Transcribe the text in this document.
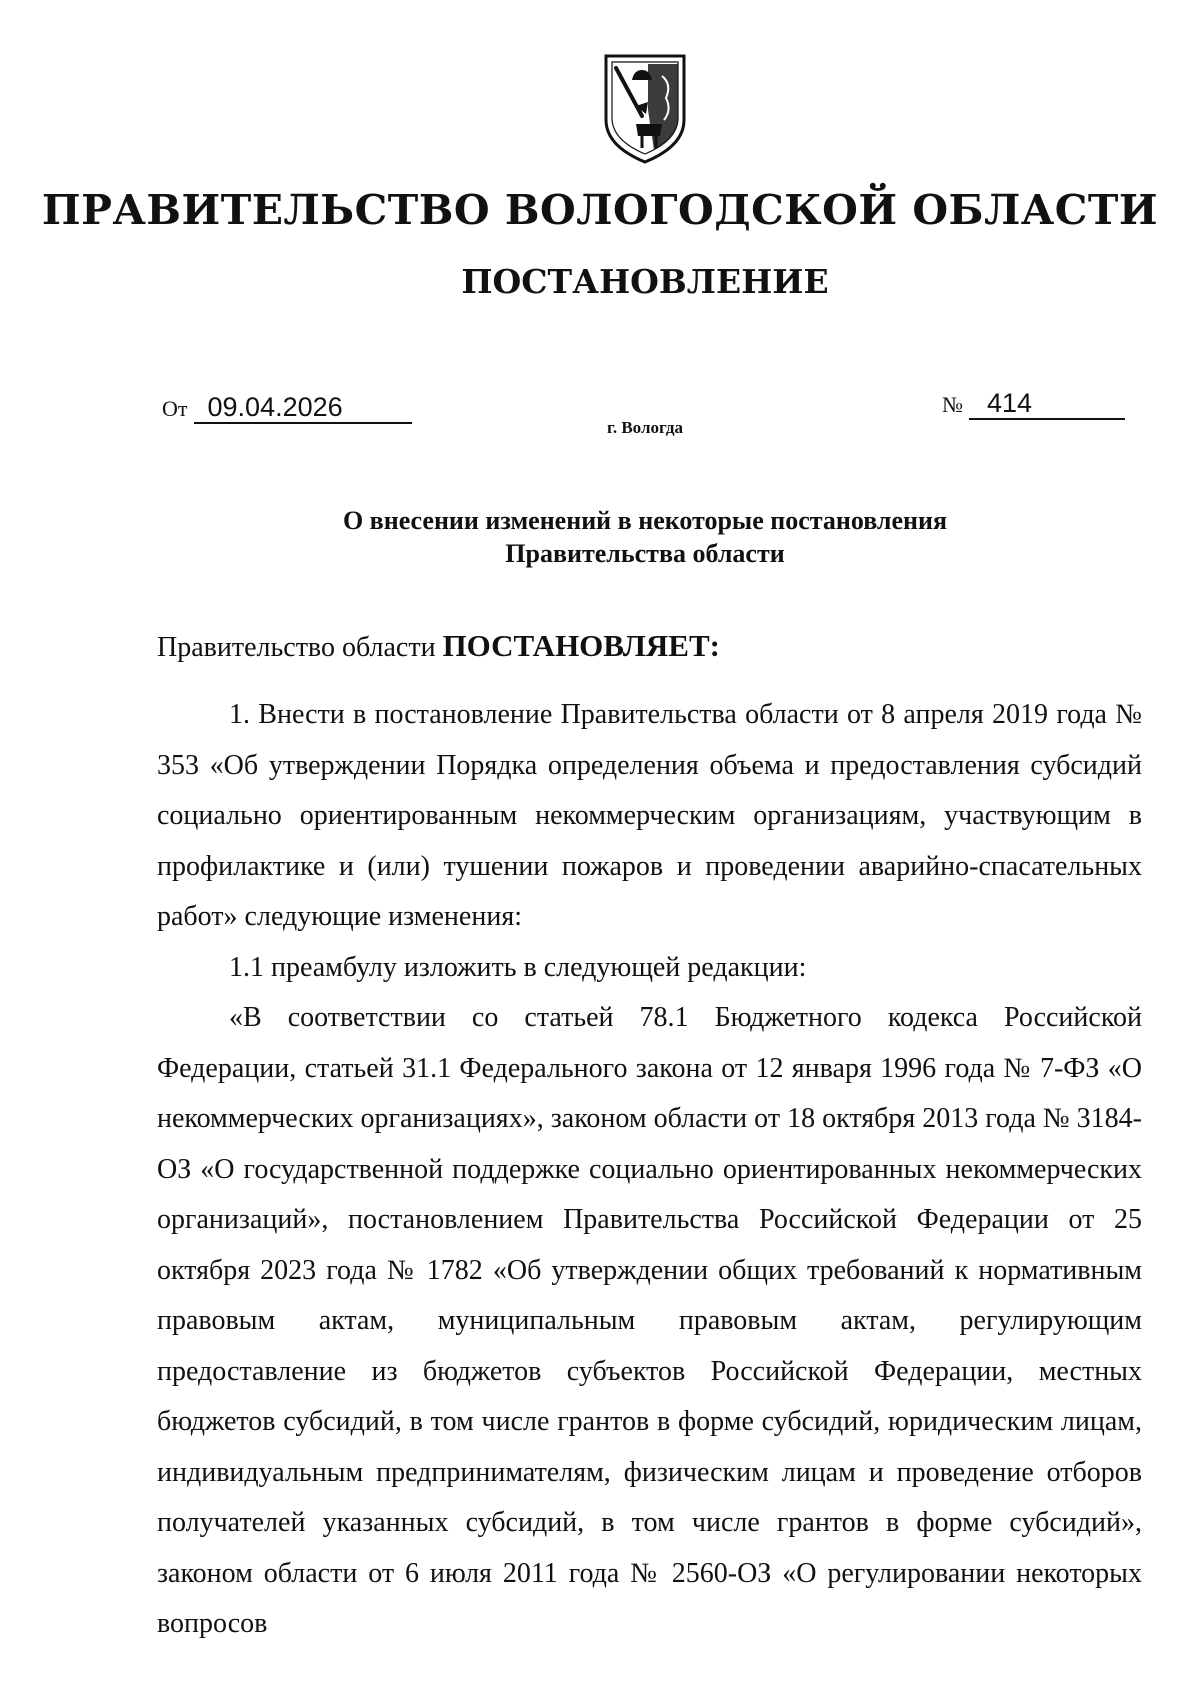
ПРАВИТЕЛЬСТВО ВОЛОГОДСКОЙ ОБЛАСТИ
ПОСТАНОВЛЕНИЕ
От 09.04.2026	№ 414

г. Вологда

О внесении изменений в некоторые постановления
Правительства области

Правительство области ПОСТАНОВЛЯЕТ:

1. Внести в постановление Правительства области от 8 апреля 2019 года № 353 «Об утверждении Порядка определения объема и предоставления субсидий социально ориентированным некоммерческим организациям, участвующим в профилактике и (или) тушении пожаров и проведении аварийно-спасательных работ» следующие изменения:

1.1 преамбулу изложить в следующей редакции:

«В соответствии со статьей 78.1 Бюджетного кодекса Российской Федерации, статьей 31.1 Федерального закона от 12 января 1996 года № 7-ФЗ «О некоммерческих организациях», законом области от 18 октября 2013 года № 3184-ОЗ «О государственной поддержке социально ориентированных некоммерческих организаций», постановлением Правительства Российской Федерации от 25 октября 2023 года № 1782 «Об утверждении общих требований к нормативным правовым актам, муниципальным правовым актам, регулирующим предоставление из бюджетов субъектов Российской Федерации, местных бюджетов субсидий, в том числе грантов в форме субсидий, юридическим лицам, индивидуальным предпринимателям, физическим лицам и проведение отборов получателей указанных субсидий, в том числе грантов в форме субсидий», законом области от 6 июля 2011 года № 2560-ОЗ «О регулировании некоторых вопросов
